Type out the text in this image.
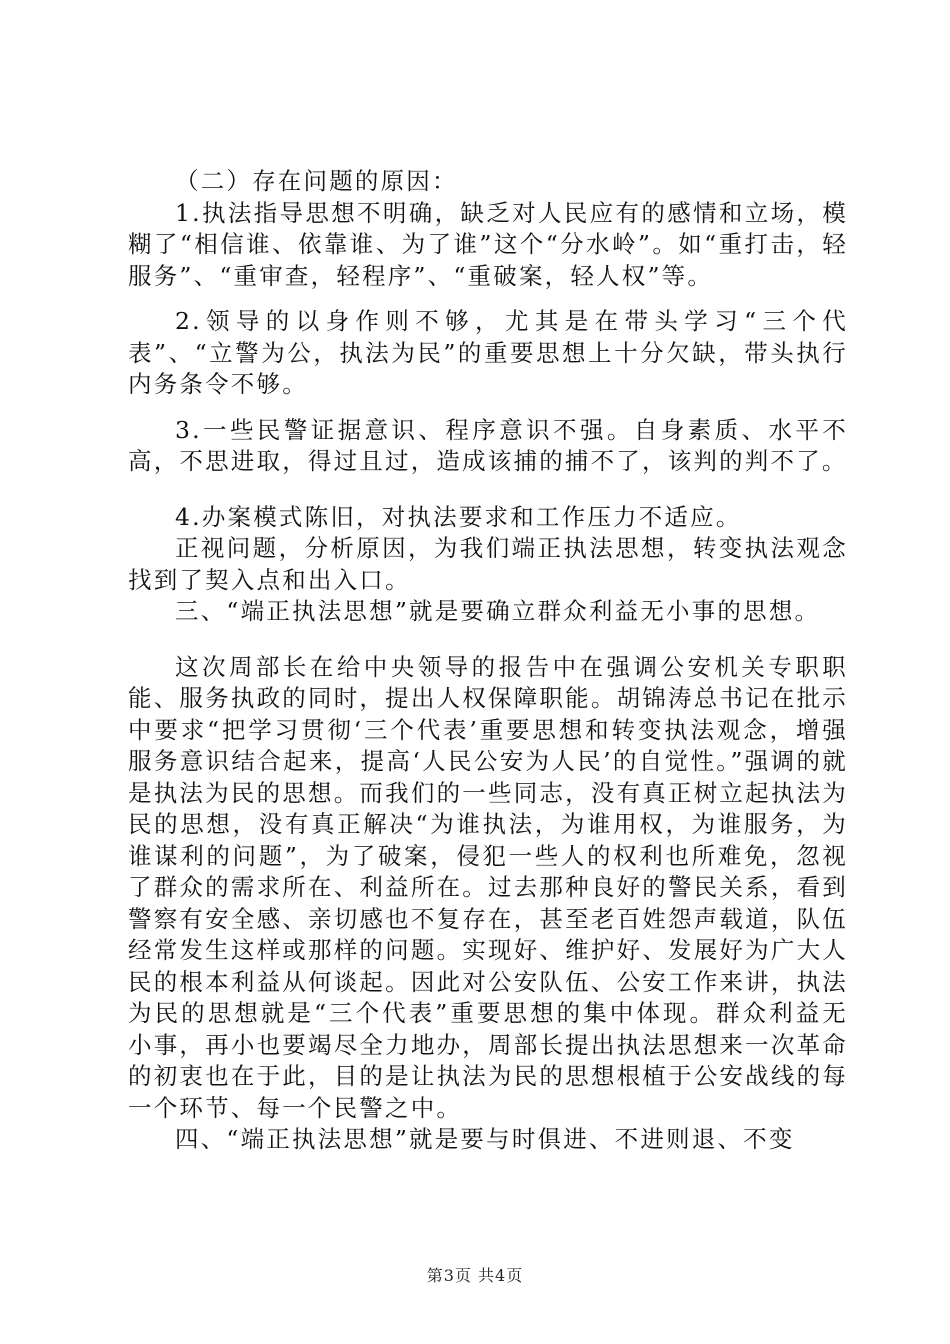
（二）存在问题的原因：

1.执法指导思想不明确，缺乏对人民应有的感情和立场，模糊了“相信谁、依靠谁、为了谁”这个“分水岭”。如“重打击，轻服务”、“重审查，轻程序”、“重破案，轻人权”等。

2.领导的以身作则不够，尤其是在带头学习“三个代表”、“立警为公，执法为民”的重要思想上十分欠缺，带头执行内务条令不够。

3.一些民警证据意识、程序意识不强。自身素质、水平不高，不思进取，得过且过，造成该捕的捕不了，该判的判不了。

4.办案模式陈旧，对执法要求和工作压力不适应。

正视问题，分析原因，为我们端正执法思想，转变执法观念找到了契入点和出入口。

三、“端正执法思想”就是要确立群众利益无小事的思想。

这次周部长在给中央领导的报告中在强调公安机关专职职能、服务执政的同时，提出人权保障职能。胡锦涛总书记在批示中要求“把学习贯彻‘三个代表’重要思想和转变执法观念，增强服务意识结合起来，提高‘人民公安为人民’的自觉性。”强调的就是执法为民的思想。而我们的一些同志，没有真正树立起执法为民的思想，没有真正解决“为谁执法，为谁用权，为谁服务，为谁谋利的问题”，为了破案，侵犯一些人的权利也所难免，忽视了群众的需求所在、利益所在。过去那种良好的警民关系，看到警察有安全感、亲切感也不复存在，甚至老百姓怨声载道，队伍经常发生这样或那样的问题。实现好、维护好、发展好为广大人民的根本利益从何谈起。因此对公安队伍、公安工作来讲，执法为民的思想就是“三个代表”重要思想的集中体现。群众利益无小事，再小也要竭尽全力地办，周部长提出执法思想来一次革命的初衷也在于此，目的是让执法为民的思想根植于公安战线的每一个环节、每一个民警之中。

四、“端正执法思想”就是要与时俱进、不进则退、不变

第3页 共4页
